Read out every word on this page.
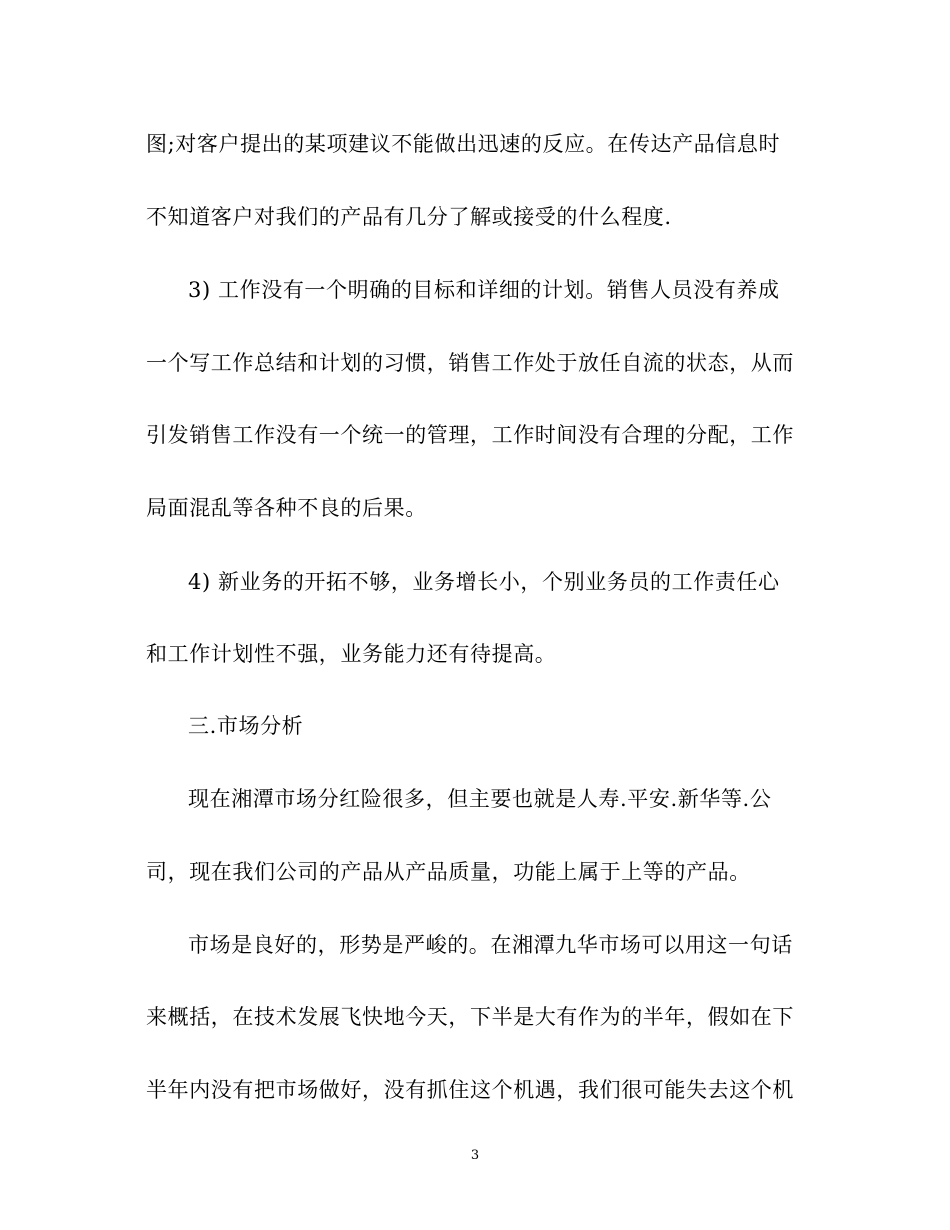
图;对客户提出的某项建议不能做出迅速的反应。在传达产品信息时
不知道客户对我们的产品有几分了解或接受的什么程度.
3) 工作没有一个明确的目标和详细的计划。销售人员没有养成
一个写工作总结和计划的习惯，销售工作处于放任自流的状态，从而
引发销售工作没有一个统一的管理，工作时间没有合理的分配，工作
局面混乱等各种不良的后果。
4) 新业务的开拓不够，业务增长小，个别业务员的工作责任心
和工作计划性不强，业务能力还有待提高。
三.市场分析
现在湘潭市场分红险很多，但主要也就是人寿.平安.新华等.公
司，现在我们公司的产品从产品质量，功能上属于上等的产品。
市场是良好的，形势是严峻的。在湘潭九华市场可以用这一句话
来概括，在技术发展飞快地今天，下半是大有作为的半年，假如在下
半年内没有把市场做好，没有抓住这个机遇，我们很可能失去这个机
3
